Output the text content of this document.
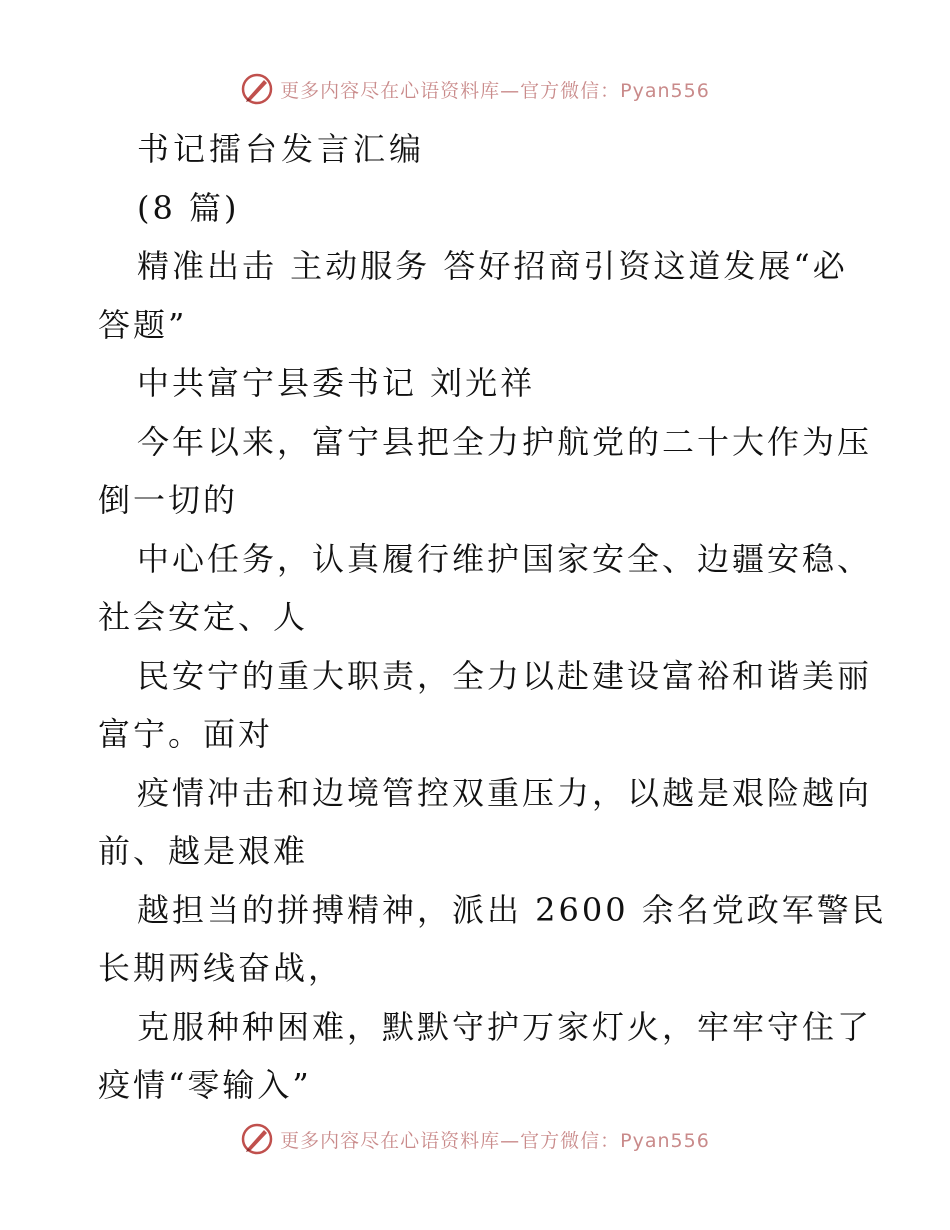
更多内容尽在心语资料库—官方微信：Pyan556
书记擂台发言汇编
(8 篇)
精准出击 主动服务 答好招商引资这道发展“必
答题”
中共富宁县委书记 刘光祥
今年以来，富宁县把全力护航党的二十大作为压
倒一切的
中心任务，认真履行维护国家安全、边疆安稳、
社会安定、人
民安宁的重大职责，全力以赴建设富裕和谐美丽
富宁。面对
疫情冲击和边境管控双重压力，以越是艰险越向
前、越是艰难
越担当的拼搏精神，派出 2600 余名党政军警民
长期两线奋战，
克服种种困难，默默守护万家灯火，牢牢守住了
疫情“零输入”
更多内容尽在心语资料库—官方微信：Pyan556
